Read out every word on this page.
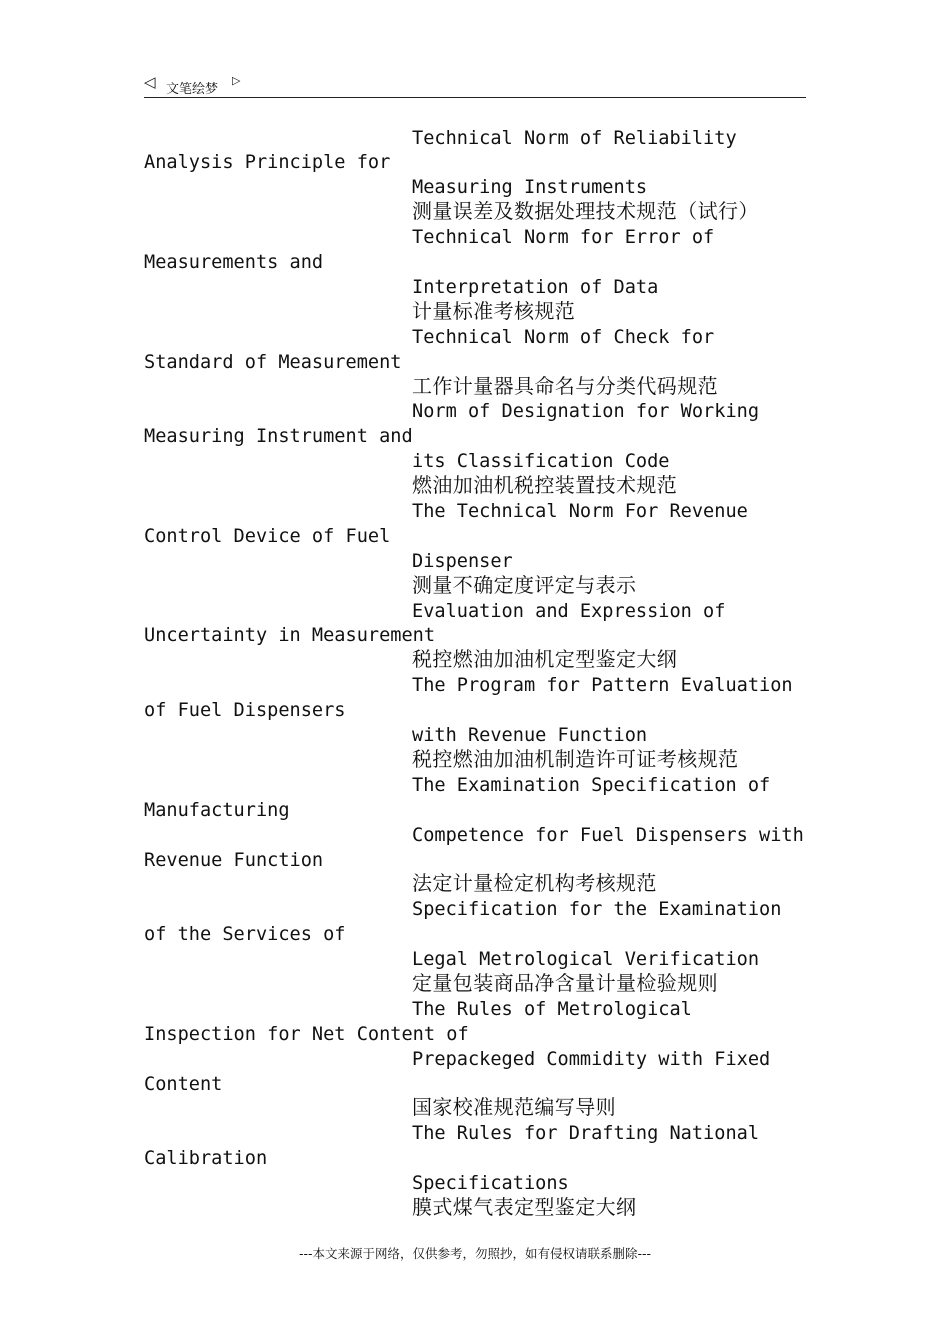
◁ 文笔绘梦
▷
Technical Norm of Reliability
Analysis Principle for
Measuring Instruments
测量误差及数据处理技术规范（试行）
Technical Norm for Error of
Measurements and
Interpretation of Data
计量标准考核规范
Technical Norm of Check for
Standard of Measurement
工作计量器具命名与分类代码规范
Norm of Designation for Working
Measuring Instrument and
its Classification Code
燃油加油机税控装置技术规范
The Technical Norm For Revenue
Control Device of Fuel
Dispenser
测量不确定度评定与表示
Evaluation and Expression of
Uncertainty in Measurement
税控燃油加油机定型鉴定大纲
The Program for Pattern Evaluation
of Fuel Dispensers
with Revenue Function
税控燃油加油机制造许可证考核规范
The Examination Specification of
Manufacturing
Competence for Fuel Dispensers with
Revenue Function
法定计量检定机构考核规范
Specification for the Examination
of the Services of
Legal Metrological Verification
定量包装商品净含量计量检验规则
The Rules of Metrological
Inspection for Net Content of
Prepackeged Commidity with Fixed
Content
国家校准规范编写导则
The Rules for Drafting National
Calibration
Specifications
膜式煤气表定型鉴定大纲
---本文来源于网络，仅供参考，勿照抄，如有侵权请联系删除---
